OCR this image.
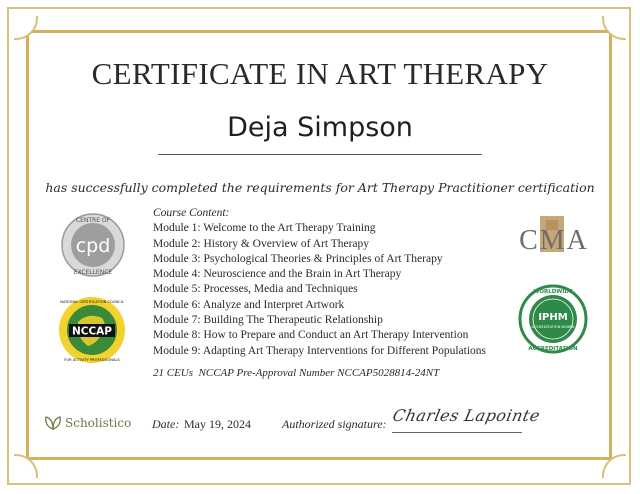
CERTIFICATE IN ART THERAPY
Deja Simpson
has successfully completed the requirements for Art Therapy Practitioner certification
cpd
CENTRE OF
EXCELLENCE
NCCAP
NATIONAL CERTIFICATION COUNCIL
FOR ACTIVITY PROFESSIONALS
CMA
IPHM
ACCREDITATION BOARD
WORLDWIDE
ACCREDITATION
Course Content:
Module 1: Welcome to the Art Therapy Training
Module 2: History & Overview of Art Therapy
Module 3: Psychological Theories & Principles of Art Therapy
Module 4: Neuroscience and the Brain in Art Therapy
Module 5: Processes, Media and Techniques
Module 6: Analyze and Interpret Artwork
Module 7: Building The Therapeutic Relationship
Module 8: How to Prepare and Conduct an Art Therapy Intervention
Module 9: Adapting Art Therapy Interventions for Different Populations
21 CEUs NCCAP Pre-Approval Number NCCAP5028814-24NT
Scholistico Date: May 19, 2024	Authorized signature: Charles Lapointe
